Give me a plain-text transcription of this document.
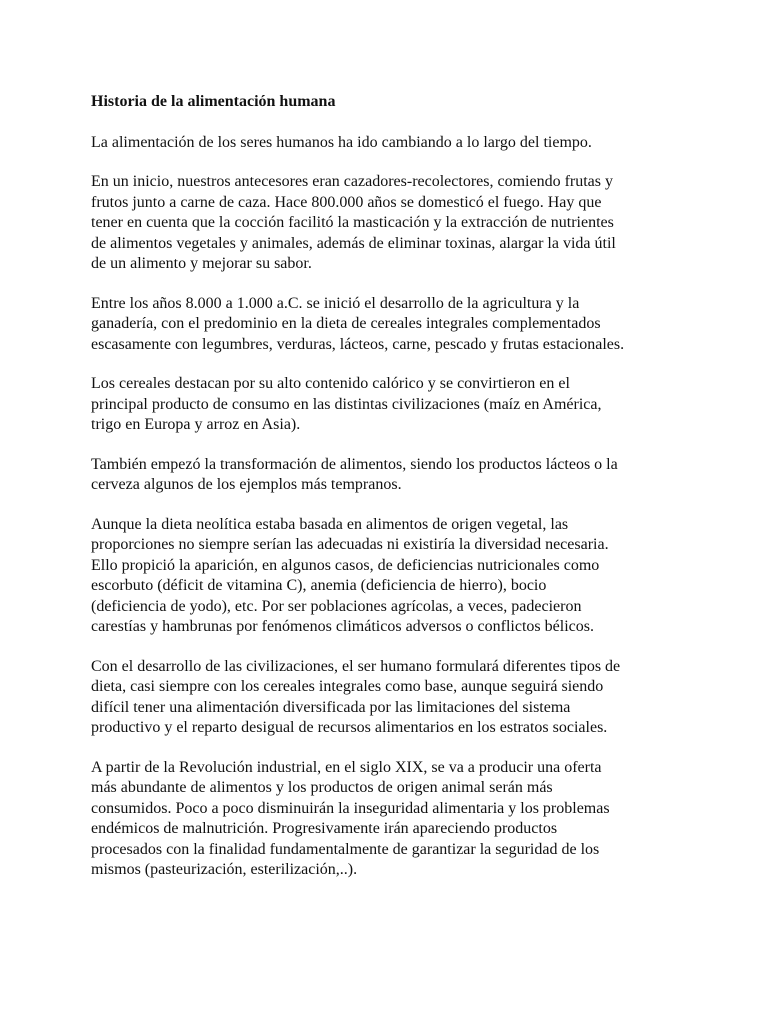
Historia de la alimentación humana
La alimentación de los seres humanos ha ido cambiando a lo largo del tiempo.
En un inicio, nuestros antecesores eran cazadores-recolectores, comiendo frutas y
frutos junto a carne de caza. Hace 800.000 años se domesticó el fuego. Hay que
tener en cuenta que la cocción facilitó la masticación y la extracción de nutrientes
de alimentos vegetales y animales, además de eliminar toxinas, alargar la vida útil
de un alimento y mejorar su sabor.
Entre los años 8.000 a 1.000 a.C. se inició el desarrollo de la agricultura y la
ganadería, con el predominio en la dieta de cereales integrales complementados
escasamente con legumbres, verduras, lácteos, carne, pescado y frutas estacionales.
Los cereales destacan por su alto contenido calórico y se convirtieron en el
principal producto de consumo en las distintas civilizaciones (maíz en América,
trigo en Europa y arroz en Asia).
También empezó la transformación de alimentos, siendo los productos lácteos o la
cerveza algunos de los ejemplos más tempranos.
Aunque la dieta neolítica estaba basada en alimentos de origen vegetal, las
proporciones no siempre serían las adecuadas ni existiría la diversidad necesaria.
Ello propició la aparición, en algunos casos, de deficiencias nutricionales como
escorbuto (déficit de vitamina C), anemia (deficiencia de hierro), bocio
(deficiencia de yodo), etc. Por ser poblaciones agrícolas, a veces, padecieron
carestías y hambrunas por fenómenos climáticos adversos o conflictos bélicos.
Con el desarrollo de las civilizaciones, el ser humano formulará diferentes tipos de
dieta, casi siempre con los cereales integrales como base, aunque seguirá siendo
difícil tener una alimentación diversificada por las limitaciones del sistema
productivo y el reparto desigual de recursos alimentarios en los estratos sociales.
A partir de la Revolución industrial, en el siglo XIX, se va a producir una oferta
más abundante de alimentos y los productos de origen animal serán más
consumidos. Poco a poco disminuirán la inseguridad alimentaria y los problemas
endémicos de malnutrición. Progresivamente irán apareciendo productos
procesados con la finalidad fundamentalmente de garantizar la seguridad de los
mismos (pasteurización, esterilización,..).
